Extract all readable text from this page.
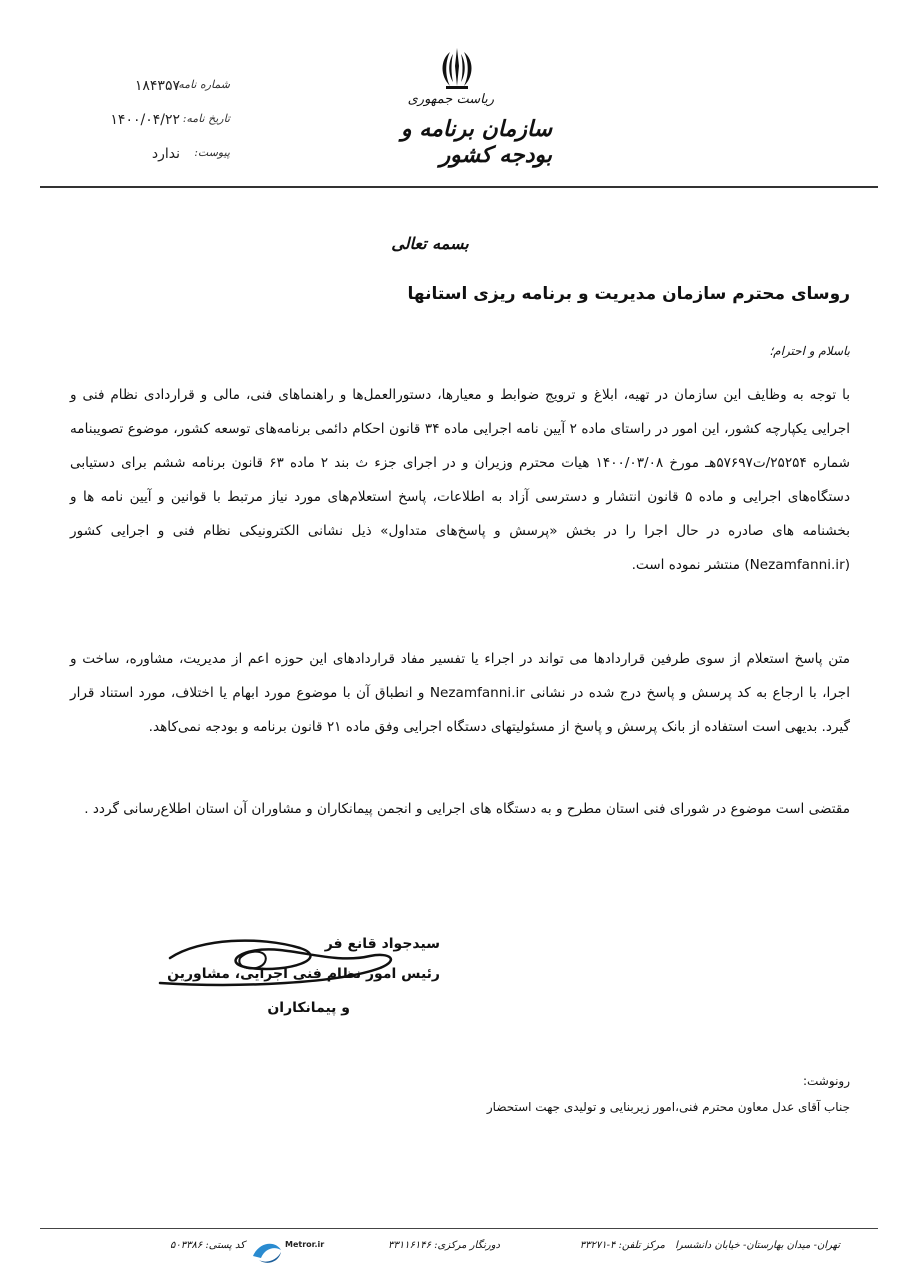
ریاست جمهوری
سازمان برنامه و بودجه کشور
شماره نامه:
۱۸۴۳۵۷
تاریخ نامه:
۱۴۰۰/۰۴/۲۲
پیوست:
ندارد
بسمه تعالی
روسای محترم سازمان مدیریت و برنامه ریزی استانها
باسلام و احترام؛
با توجه به وظایف این سازمان در تهیه، ابلاغ و ترویج ضوابط و معیارها، دستورالعمل‌ها و راهنماهای فنی، مالی و قراردادی نظام فنی و اجرایی یکپارچه کشور، این امور در راستای ماده ۲ آیین نامه اجرایی ماده ۳۴ قانون احکام دائمی برنامه‌های توسعه کشور، موضوع تصویبنامه شماره ۲۵۲۵۴/ت۵۷۶۹۷هـ مورخ ۱۴۰۰/۰۳/۰۸ هیات محترم وزیران و در اجرای جزء ث بند ۲ ماده ۶۳ قانون برنامه ششم برای دستیابی دستگاه‌های اجرایی و ماده ۵ قانون انتشار و دسترسی آزاد به اطلاعات، پاسخ استعلام‌های مورد نیاز مرتبط با قوانین و آیین نامه ها و بخشنامه های صادره در حال اجرا را در بخش «پرسش و پاسخ‌های متداول» ذیل نشانی الکترونیکی نظام فنی و اجرایی کشور (Nezamfanni.ir) منتشر نموده است.
متن پاسخ استعلام از سوی طرفین قراردادها می تواند در اجراء یا تفسیر مفاد قراردادهای این حوزه اعم از مدیریت، مشاوره، ساخت و اجرا، با ارجاع به کد پرسش و پاسخ درج شده در نشانی Nezamfanni.ir و انطباق آن با موضوع مورد ابهام یا اختلاف، مورد استناد قرار گیرد. بدیهی است استفاده از بانک پرسش و پاسخ از مسئولیتهای دستگاه اجرایی وفق ماده ۲۱ قانون برنامه و بودجه نمی‌کاهد.
مقتضی است موضوع در شورای فنی استان مطرح و به دستگاه های اجرایی و انجمن پیمانکاران و مشاوران آن استان اطلاع‌رسانی گردد .
سیدجواد قانع فر
رئیس امور نظام فنی اجرایی، مشاورین
و پیمانکاران
رونوشت:
جناب آقای عدل معاون محترم فنی،امور زیربنایی و تولیدی جهت استحضار
تهران- میدان بهارستان- خیابان دانشسرا
مرکز تلفن: ۴-۳۳۲۷۱
دورنگار مرکزی: ۳۳۱۱۶۱۴۶
Metror.ir
کد پستی: ۵۰۳۳۸۶
